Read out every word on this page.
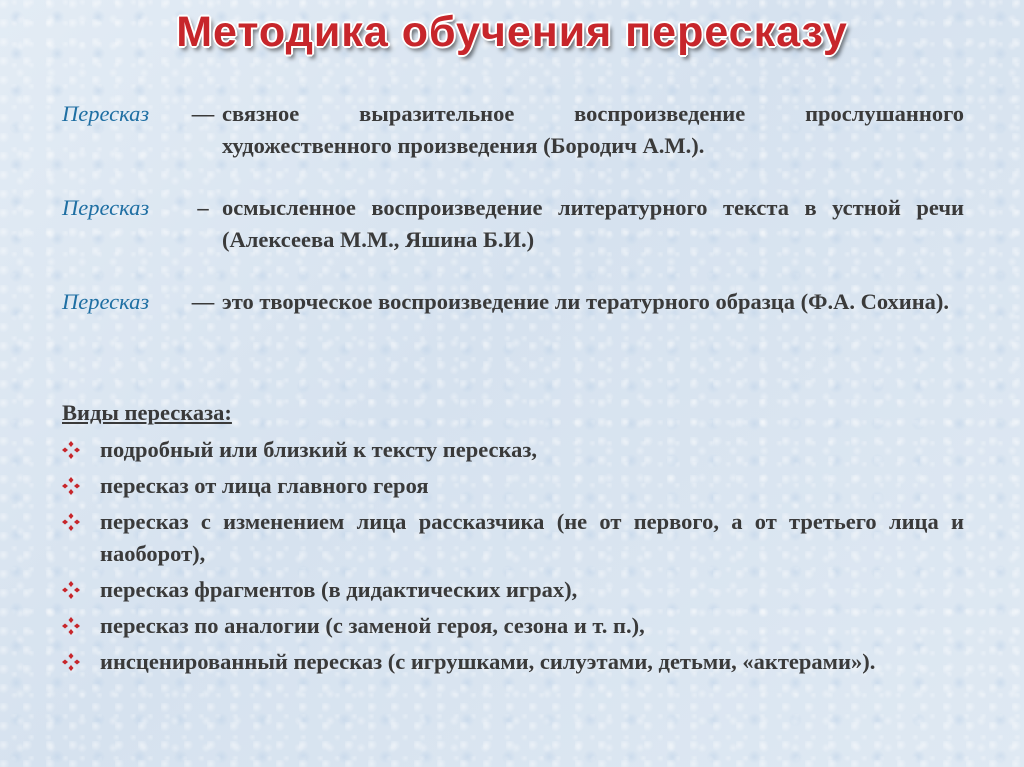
Методика обучения пересказу
Пересказ	— связное выразительное воспроизведение прослушанного художественного произведения (Бородич А.М.).
Пересказ	– осмысленное воспроизведение литературного текста в устной речи (Алексеева М.М., Яшина Б.И.)
Пересказ	— это творческое воспроизведение ли тературного образца (Ф.А. Сохина).
Виды пересказа:
подробный или близкий к тексту пересказ,
пересказ от лица главного героя
пересказ с изменением лица рассказчика (не от первого, а от третьего лица и наоборот),
пересказ фрагментов (в дидактических играх),
пересказ по аналогии (с заменой героя, сезона и т. п.),
инсценированный пересказ (с игрушками, силуэтами, детьми, «актерами»).
